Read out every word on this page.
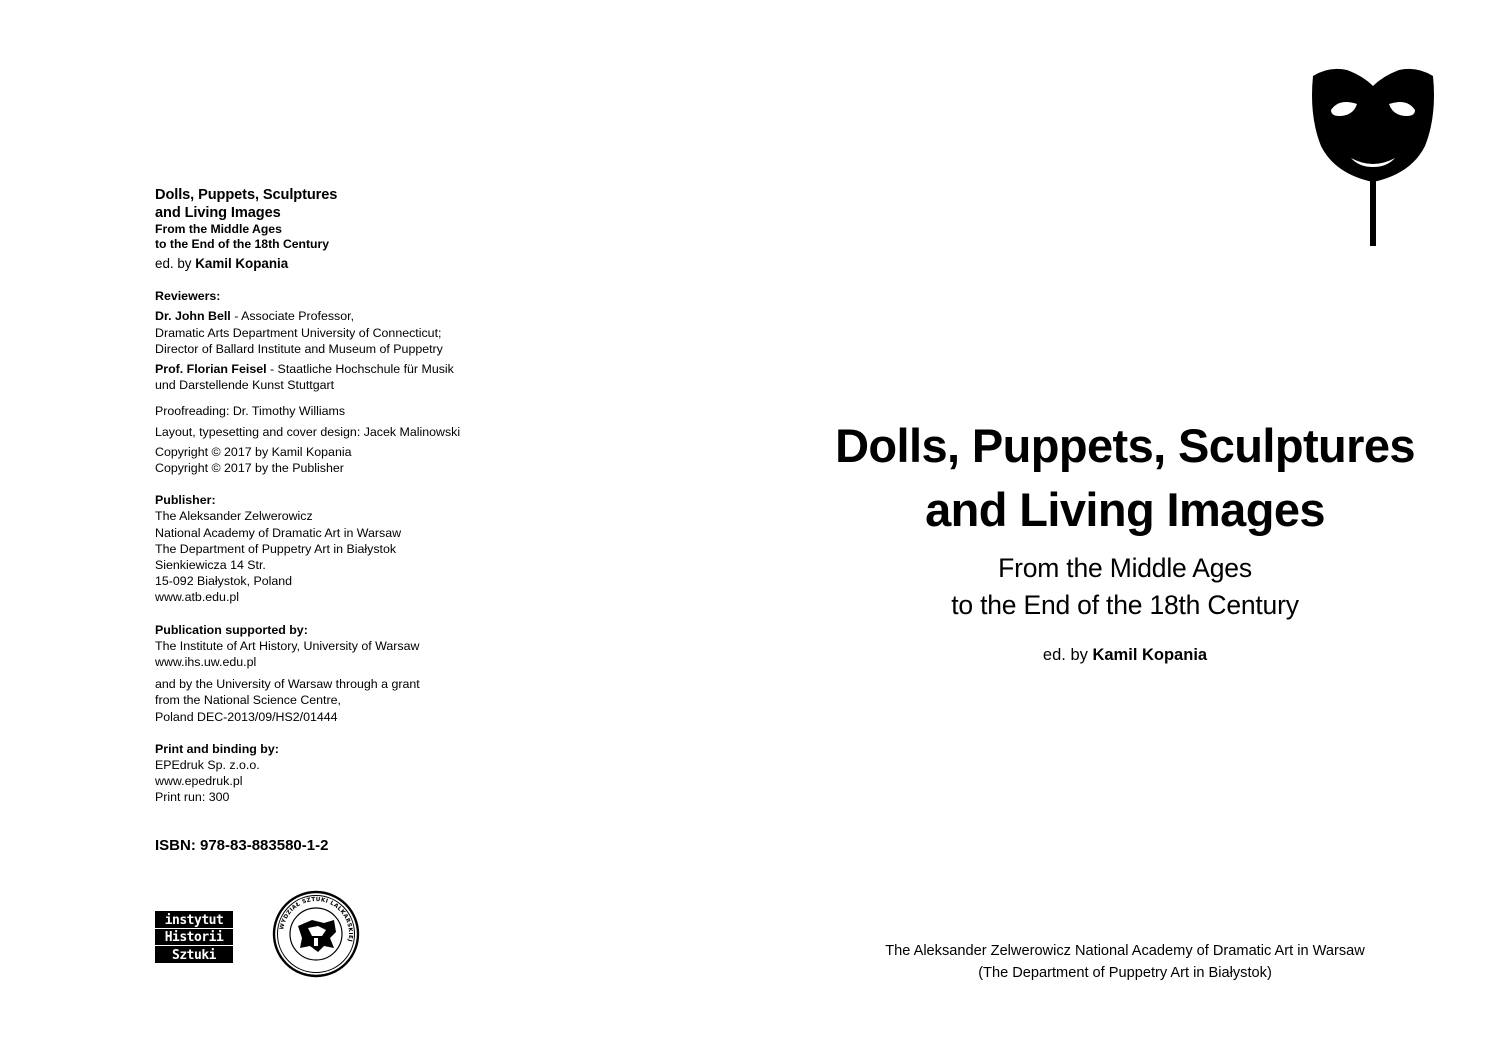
Dolls, Puppets, Sculptures
and Living Images
From the Middle Ages
to the End of the 18th Century
ed. by Kamil Kopania
Reviewers:
Dr. John Bell - Associate Professor,
Dramatic Arts Department University of Connecticut;
Director of Ballard Institute and Museum of Puppetry
Prof. Florian Feisel - Staatliche Hochschule für Musik
und Darstellende Kunst Stuttgart
Proofreading: Dr. Timothy Williams
Layout, typesetting and cover design: Jacek Malinowski
Copyright © 2017 by Kamil Kopania
Copyright © 2017 by the Publisher
Publisher:
The Aleksander Zelwerowicz
National Academy of Dramatic Art in Warsaw
The Department of Puppetry Art in Białystok
Sienkiewicza 14 Str.
15-092 Białystok, Poland
www.atb.edu.pl
Publication supported by:
The Institute of Art History, University of Warsaw
www.ihs.uw.edu.pl
and by the University of Warsaw through a grant
from the National Science Centre,
Poland DEC-2013/09/HS2/01444
Print and binding by:
EPEdruk Sp. z.o.o.
www.epedruk.pl
Print run: 300
ISBN: 978-83-883580-1-2
instytut
Historii
Sztuki
WYDZIAŁ SZTUKI LALKARSKIEJ
Dolls, Puppets, Sculptures
and Living Images
From the Middle Ages
to the End of the 18th Century
ed. by Kamil Kopania
The Aleksander Zelwerowicz National Academy of Dramatic Art in Warsaw
(The Department of Puppetry Art in Białystok)
